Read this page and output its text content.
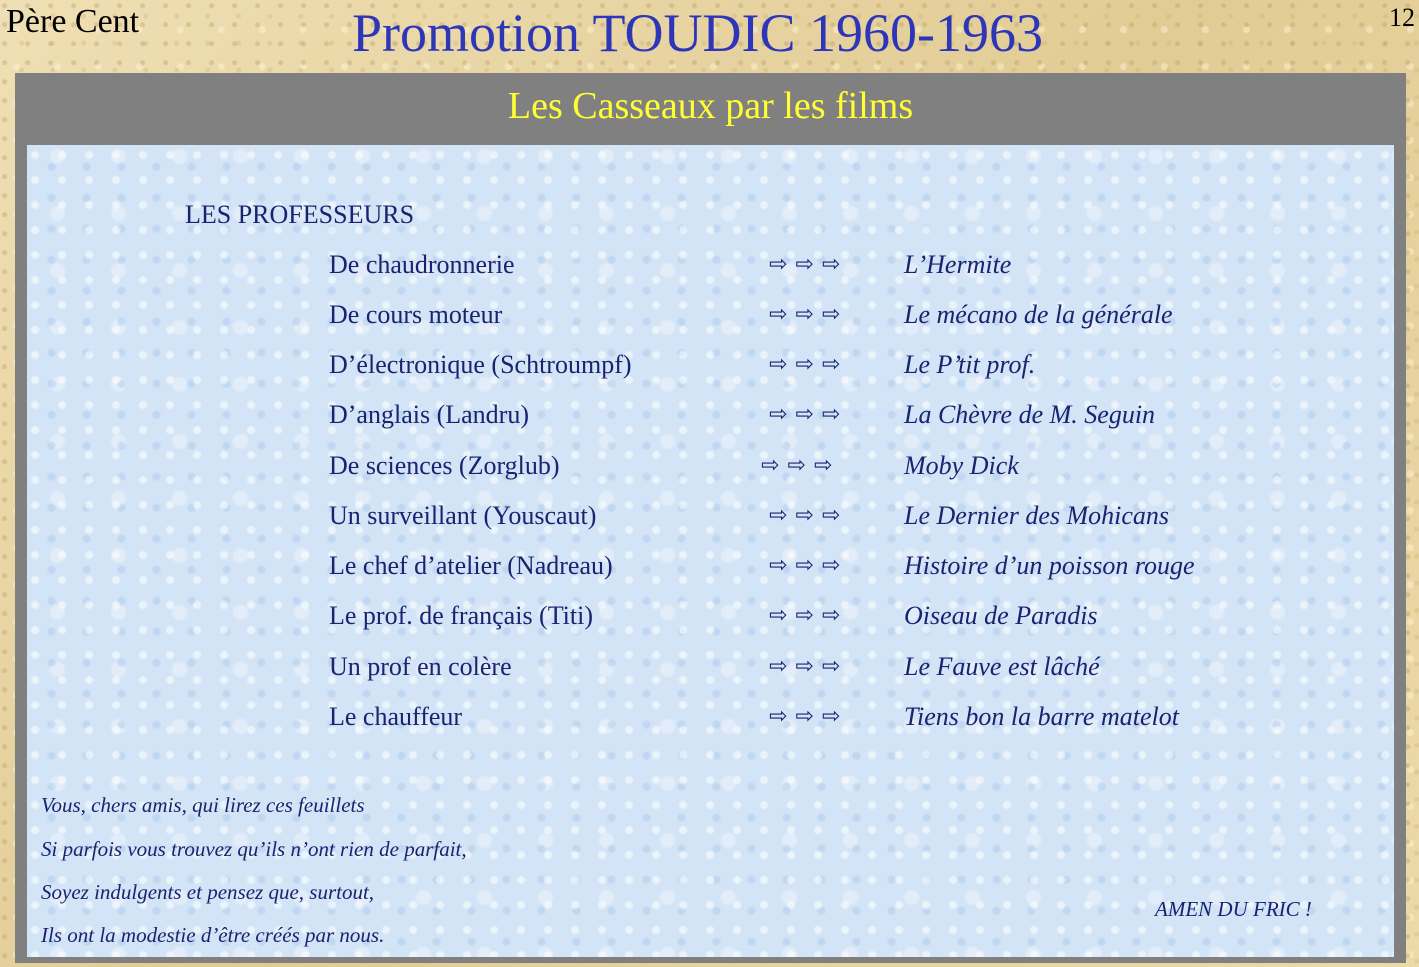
Père Cent	Promotion TOUDIC 1960-1963	12
Les Casseaux par les films
LES PROFESSEURS
De chaudronnerie	⇨⇨⇨ L’Hermite
De cours moteur	⇨⇨⇨ Le mécano de la générale
D’électronique (Schtroumpf)	⇨⇨⇨ Le P’tit prof.
D’anglais (Landru)	⇨⇨⇨ La Chèvre de M. Seguin
De sciences (Zorglub)	⇨⇨⇨ Moby Dick
Un surveillant (Youscaut)	⇨⇨⇨ Le Dernier des Mohicans
Le chef d’atelier (Nadreau)	⇨⇨⇨ Histoire d’un poisson rouge
Le prof. de français (Titi)	⇨⇨⇨ Oiseau de Paradis
Un prof en colère	⇨⇨⇨ Le Fauve est lâché
Le chauffeur	⇨⇨⇨ Tiens bon la barre matelot
Vous, chers amis, qui lirez ces feuillets
Si parfois vous trouvez qu’ils n’ont rien de parfait,
Soyez indulgents et pensez que, surtout,
Ils ont la modestie d’être créés par nous.
AMEN DU FRIC !
